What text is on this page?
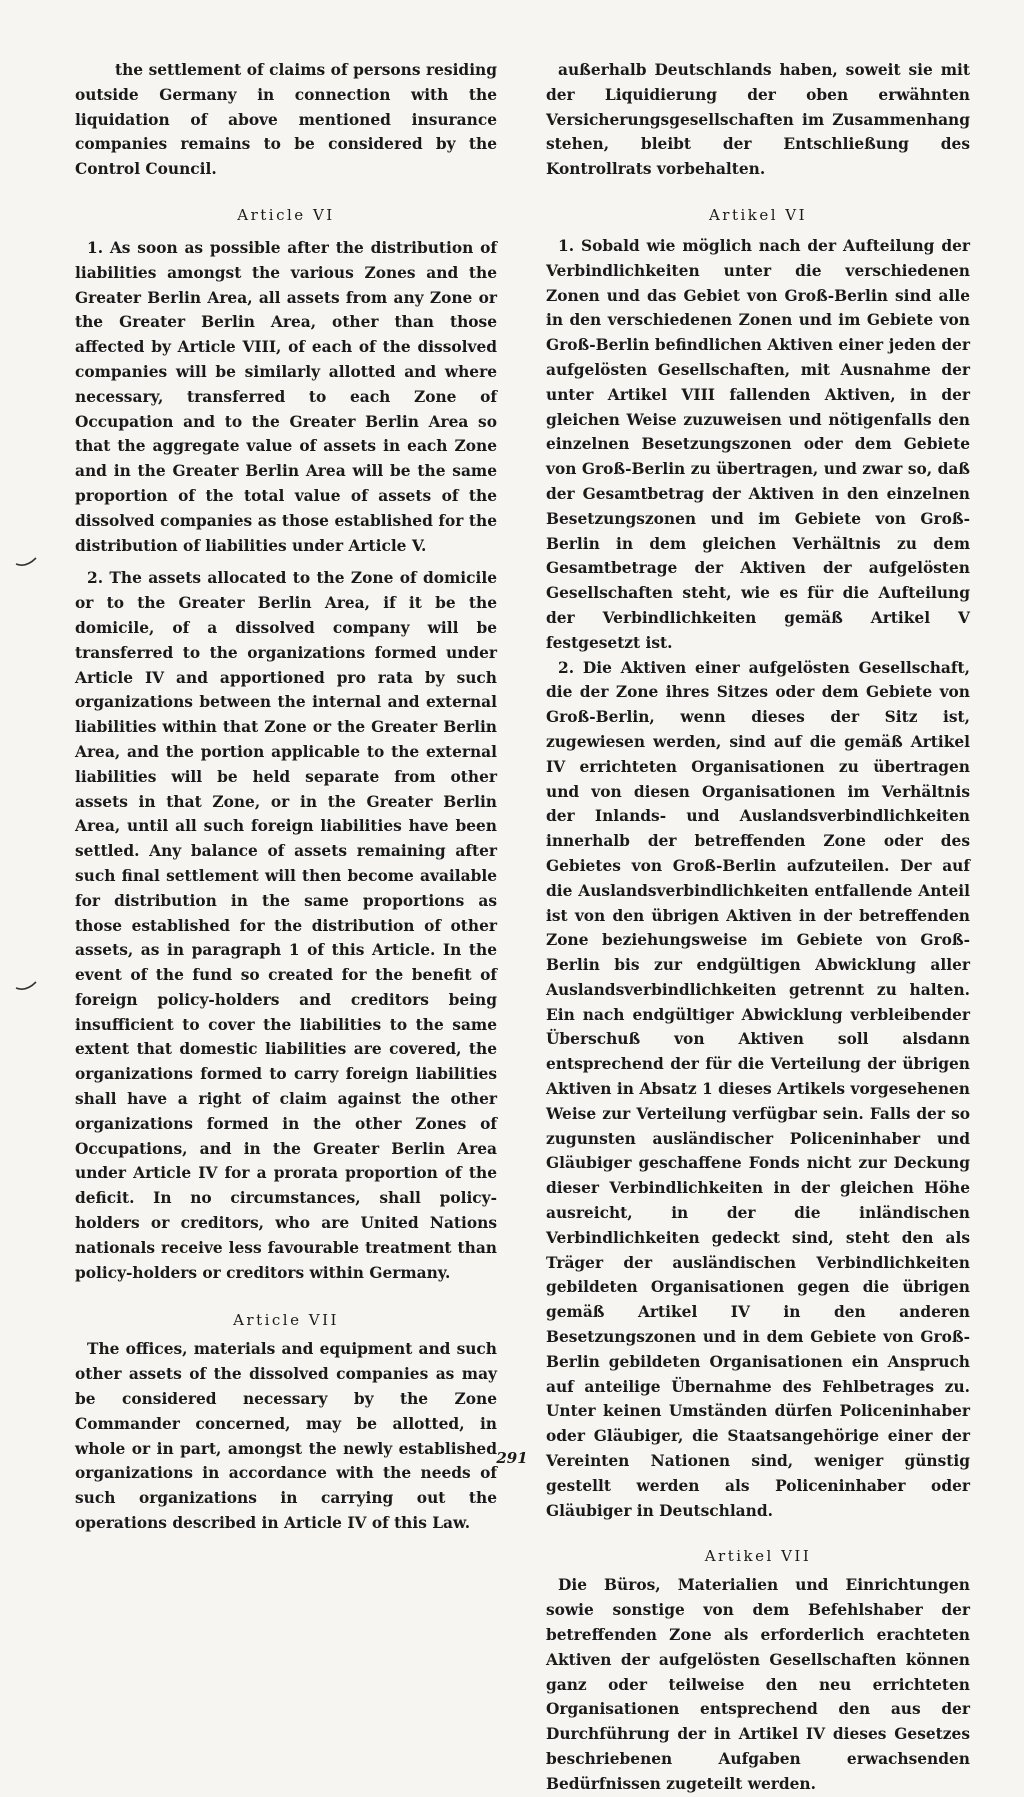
the settlement of claims of persons residing outside Germany in connection with the liquidation of above mentioned insurance companies remains to be considered by the Control Council.

Article VI

1. As soon as possible after the distribution of liabilities amongst the various Zones and the Greater Berlin Area, all assets from any Zone or the Greater Berlin Area, other than those affected by Article VIII, of each of the dissolved companies will be similarly allotted and where necessary, transferred to each Zone of Occupation and to the Greater Berlin Area so that the aggregate value of assets in each Zone and in the Greater Berlin Area will be the same proportion of the total value of assets of the dissolved companies as those established for the distribution of liabilities under Article V.

2. The assets allocated to the Zone of domicile or to the Greater Berlin Area, if it be the domicile, of a dissolved company will be transferred to the organizations formed under Article IV and apportioned pro rata by such organizations between the internal and external liabilities within that Zone or the Greater Berlin Area, and the portion applicable to the external liabilities will be held separate from other assets in that Zone, or in the Greater Berlin Area, until all such foreign liabilities have been settled. Any balance of assets remaining after such final settlement will then become available for distribution in the same proportions as those established for the distribution of other assets, as in paragraph 1 of this Article. In the event of the fund so created for the benefit of foreign policy-holders and creditors being insufficient to cover the liabilities to the same extent that domestic liabilities are covered, the organizations formed to carry foreign liabilities shall have a right of claim against the other organizations formed in the other Zones of Occupations, and in the Greater Berlin Area under Article IV for a prorata proportion of the deficit. In no circumstances, shall policy- holders or creditors, who are United Nations nationals receive less favourable treatment than policy-holders or creditors within Germany.

Article VII

The offices, materials and equipment and such other assets of the dissolved companies as may be considered necessary by the Zone Commander concerned, may be allotted, in whole or in part, amongst the newly established organizations in accordance with the needs of such organizations in carrying out the operations described in Article IV of this Law.

außerhalb Deutschlands haben, soweit sie mit der Liquidierung der oben erwähnten Versicherungsgesellschaften im Zusammenhang stehen, bleibt der Entschließung des Kontrollrats vorbehalten.

Artikel VI

1. Sobald wie möglich nach der Aufteilung der Verbindlichkeiten unter die verschiedenen Zonen und das Gebiet von Groß-Berlin sind alle in den verschiedenen Zonen und im Gebiete von Groß-Berlin befindlichen Aktiven einer jeden der aufgelösten Gesellschaften, mit Ausnahme der unter Artikel VIII fallenden Aktiven, in der gleichen Weise zuzuweisen und nötigenfalls den einzelnen Besetzungszonen oder dem Gebiete von Groß-Berlin zu übertragen, und zwar so, daß der Gesamtbetrag der Aktiven in den einzelnen Besetzungszonen und im Gebiete von Groß-Berlin in dem gleichen Verhältnis zu dem Gesamtbetrage der Aktiven der aufgelösten Gesellschaften steht, wie es für die Aufteilung der Verbindlichkeiten gemäß Artikel V festgesetzt ist.

2. Die Aktiven einer aufgelösten Gesellschaft, die der Zone ihres Sitzes oder dem Gebiete von Groß-Berlin, wenn dieses der Sitz ist, zugewiesen werden, sind auf die gemäß Artikel IV errichteten Organisationen zu übertragen und von diesen Organisationen im Verhältnis der Inlands- und Auslandsverbindlichkeiten innerhalb der betreffenden Zone oder des Gebietes von Groß-Berlin aufzuteilen. Der auf die Auslandsverbindlichkeiten entfallende Anteil ist von den übrigen Aktiven in der betreffenden Zone beziehungsweise im Gebiete von Groß-Berlin bis zur endgültigen Abwicklung aller Auslandsverbindlichkeiten getrennt zu halten. Ein nach endgültiger Abwicklung verbleibender Überschuß von Aktiven soll alsdann entsprechend der für die Verteilung der übrigen Aktiven in Absatz 1 dieses Artikels vorgesehenen Weise zur Verteilung verfügbar sein. Falls der so zugunsten ausländischer Policeninhaber und Gläubiger geschaffene Fonds nicht zur Deckung dieser Verbindlichkeiten in der gleichen Höhe ausreicht, in der die inländischen Verbindlichkeiten gedeckt sind, steht den als Träger der ausländischen Verbindlichkeiten gebildeten Organisationen gegen die übrigen gemäß Artikel IV in den anderen Besetzungszonen und in dem Gebiete von Groß-Berlin gebildeten Organisationen ein Anspruch auf anteilige Übernahme des Fehlbetrages zu. Unter keinen Umständen dürfen Policeninhaber oder Gläubiger, die Staatsangehörige einer der Vereinten Nationen sind, weniger günstig gestellt werden als Policeninhaber oder Gläubiger in Deutschland.

Artikel VII

Die Büros, Materialien und Einrichtungen sowie sonstige von dem Befehlshaber der betreffenden Zone als erforderlich erachteten Aktiven der aufgelösten Gesellschaften können ganz oder teilweise den neu errichteten Organisationen entsprechend den aus der Durchführung der in Artikel IV dieses Gesetzes beschriebenen Aufgaben erwachsenden Bedürfnissen zugeteilt werden.

291
